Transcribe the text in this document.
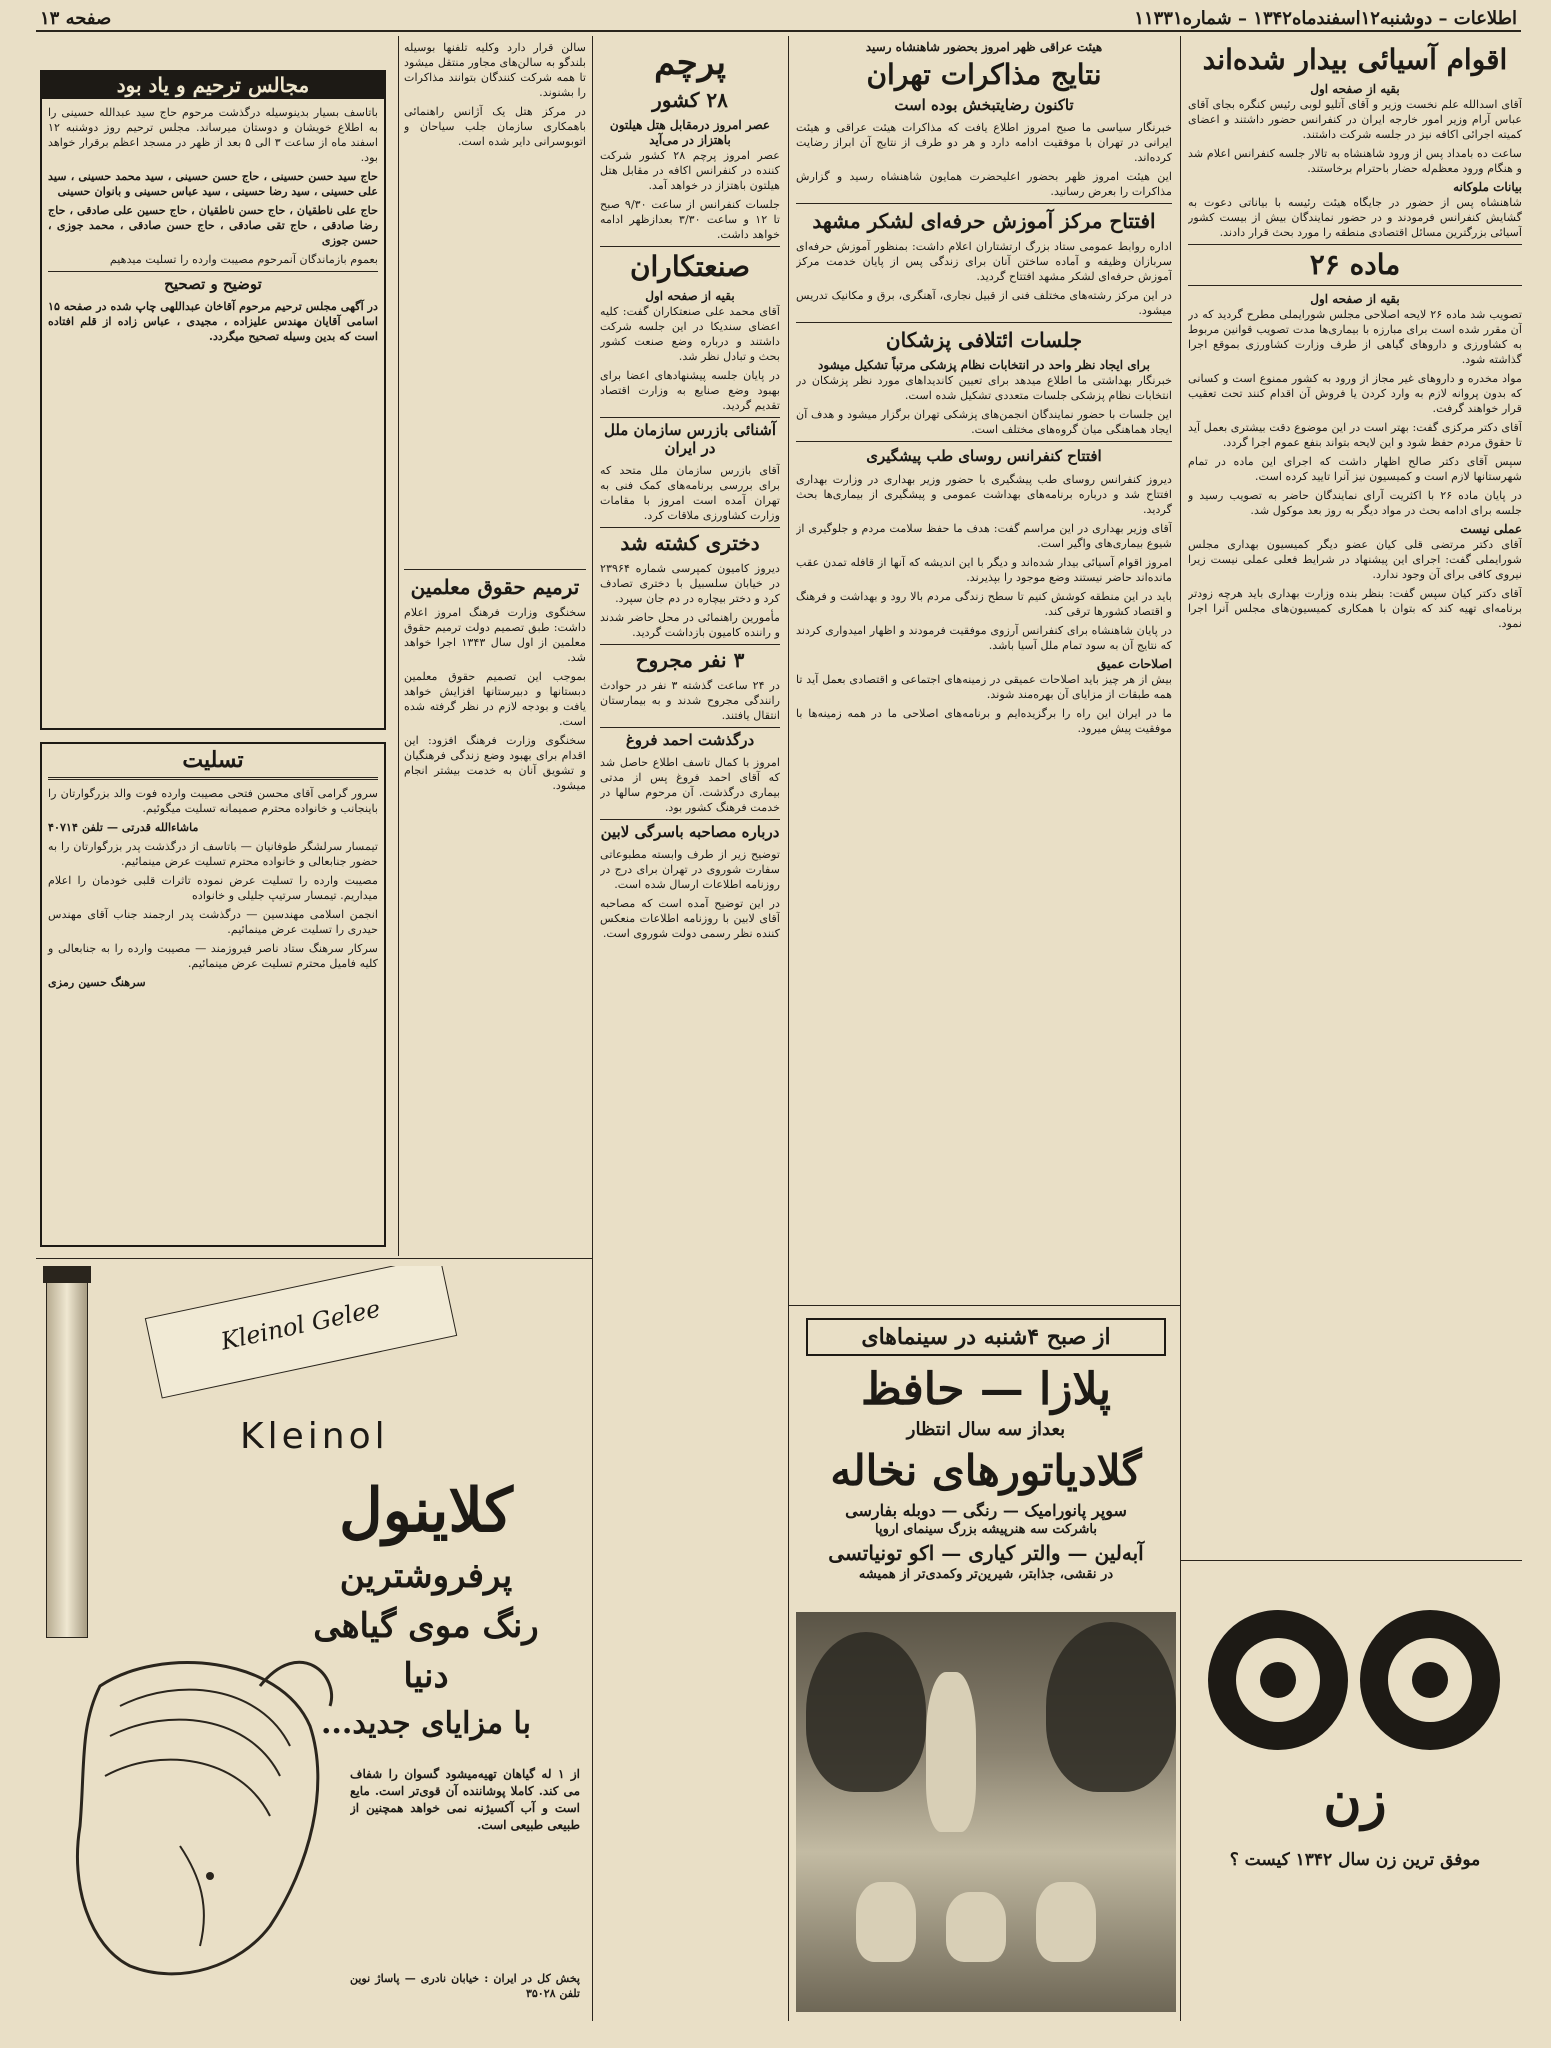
صفحه ۱۳	اطلاعات – دوشنبه۱۲اسفندماه۱۳۴۲ – شماره۱۱۳۳۱
اقوام آسیائی بیدار شده‌اند
بقیه از صفحه اول

آقای اسدالله علم نخست وزیر و آقای آتلیو لوبی رئیس کنگره بجای آقای عباس آرام وزیر امور خارجه ایران در کنفرانس حضور داشتند و اعضای کمیته اجرائی اکافه نیز در جلسه شرکت داشتند.

ساعت ده بامداد پس از ورود شاهنشاه به تالار جلسه کنفرانس اعلام شد و هنگام ورود معظم‌له حضار باحترام برخاستند.

بیانات ملوکانه

شاهنشاه پس از حضور در جایگاه هیئت رئیسه با بیاناتی دعوت به گشایش کنفرانس فرمودند و در حضور نمایندگان بیش از بیست کشور آسیائی بزرگترین مسائل اقتصادی منطقه را مورد بحث قرار دادند.

ماده ۲۶
بقیه از صفحه اول

تصویب شد ماده ۲۶ لایحه اصلاحی مجلس شورایملی مطرح گردید که در آن مقرر شده است برای مبارزه با بیماری‌ها مدت تصویب قوانین مربوط به کشاورزی و داروهای گیاهی از طرف وزارت کشاورزی بموقع اجرا گذاشته شود.

مواد مخدره و داروهای غیر مجاز از ورود به کشور ممنوع است و کسانی که بدون پروانه لازم به وارد کردن یا فروش آن اقدام کنند تحت تعقیب قرار خواهند گرفت.

آقای دکتر مرکزی گفت: بهتر است در این موضوع دقت بیشتری بعمل آید تا حقوق مردم حفظ شود و این لایحه بتواند بنفع عموم اجرا گردد.

سپس آقای دکتر صالح اظهار داشت که اجرای این ماده در تمام شهرستانها لازم است و کمیسیون نیز آنرا تایید کرده است.

در پایان ماده ۲۶ با اکثریت آرای نمایندگان حاضر به تصویب رسید و جلسه برای ادامه بحث در مواد دیگر به روز بعد موکول شد.

عملی نیست

آقای دکتر مرتضی قلی کیان عضو دیگر کمیسیون بهداری مجلس شورایملی گفت: اجرای این پیشنهاد در شرایط فعلی عملی نیست زیرا نیروی کافی برای آن وجود ندارد.

آقای دکتر کیان سپس گفت: بنظر بنده وزارت بهداری باید هرچه زودتر برنامه‌ای تهیه کند که بتوان با همکاری کمیسیون‌های مجلس آنرا اجرا نمود.

زن
موفق ترین زن سال ۱۳۴۲ کیست ؟
هیئت عراقی ظهر امروز بحضور شاهنشاه رسید
نتایج مذاکرات تهران
تاکنون رضایتبخش بوده است

خبرنگار سیاسی ما صبح امروز اطلاع یافت که مذاکرات هیئت عراقی و هیئت ایرانی در تهران با موفقیت ادامه دارد و هر دو طرف از نتایج آن ابراز رضایت کرده‌اند.

این هیئت امروز ظهر بحضور اعلیحضرت همایون شاهنشاه رسید و گزارش مذاکرات را بعرض رسانید.

افتتاح مرکز آموزش حرفه‌ای لشکر مشهد

اداره روابط عمومی ستاد بزرگ ارتشتاران اعلام داشت: بمنظور آموزش حرفه‌ای سربازان وظیفه و آماده ساختن آنان برای زندگی پس از پایان خدمت مرکز آموزش حرفه‌ای لشکر مشهد افتتاح گردید.

در این مرکز رشته‌های مختلف فنی از قبیل نجاری، آهنگری، برق و مکانیک تدریس میشود.

جلسات ائتلافی پزشکان
برای ایجاد نظر واحد در انتخابات نظام پزشکی مرتباً تشکیل میشود

خبرنگار بهداشتی ما اطلاع میدهد برای تعیین کاندیداهای مورد نظر پزشکان در انتخابات نظام پزشکی جلسات متعددی تشکیل شده است.

این جلسات با حضور نمایندگان انجمن‌های پزشکی تهران برگزار میشود و هدف آن ایجاد هماهنگی میان گروه‌های مختلف است.

افتتاح کنفرانس روسای طب پیشگیری

دیروز کنفرانس روسای طب پیشگیری با حضور وزیر بهداری در وزارت بهداری افتتاح شد و درباره برنامه‌های بهداشت عمومی و پیشگیری از بیماری‌ها بحث گردید.

آقای وزیر بهداری در این مراسم گفت: هدف ما حفظ سلامت مردم و جلوگیری از شیوع بیماری‌های واگیر است.

امروز اقوام آسیائی بیدار شده‌اند و دیگر با این اندیشه که آنها از قافله تمدن عقب مانده‌اند حاضر نیستند وضع موجود را بپذیرند.

باید در این منطقه کوشش کنیم تا سطح زندگی مردم بالا رود و بهداشت و فرهنگ و اقتصاد کشورها ترقی کند.

در پایان شاهنشاه برای کنفرانس آرزوی موفقیت فرمودند و اظهار امیدواری کردند که نتایج آن به سود تمام ملل آسیا باشد.

اصلاحات عمیق

بیش از هر چیز باید اصلاحات عمیقی در زمینه‌های اجتماعی و اقتصادی بعمل آید تا همه طبقات از مزایای آن بهره‌مند شوند.

ما در ایران این راه را برگزیده‌ایم و برنامه‌های اصلاحی ما در همه زمینه‌ها با موفقیت پیش میرود.

از صبح ۴شنبه در سینماهای
پلازا — حافظ
بعداز سه سال انتظار
گلادیاتورهای نخاله
سوپر پانورامیک — رنگی — دوبله بفارسی
باشرکت سه هنرپیشه بزرگ سینمای اروپا
آبه‌لین — والتر کیاری — اکو تونیاتسی
در نقشی، جذابتر، شیرین‌تر وکمدی‌تر از همیشه
پرچم
۲۸ کشور
عصر امروز درمقابل هتل هیلتون باهتزاز در می‌آید

عصر امروز پرچم ۲۸ کشور شرکت کننده در کنفرانس اکافه در مقابل هتل هیلتون باهتزاز در خواهد آمد.

جلسات کنفرانس از ساعت ۹/۳۰ صبح تا ۱۲ و ساعت ۳/۳۰ بعدازظهر ادامه خواهد داشت.

صنعتکاران
بقیه از صفحه اول

آقای محمد علی صنعتکاران گفت: کلیه اعضای سندیکا در این جلسه شرکت داشتند و درباره وضع صنعت کشور بحث و تبادل نظر شد.

در پایان جلسه پیشنهادهای اعضا برای بهبود وضع صنایع به وزارت اقتصاد تقدیم گردید.

آشنائی بازرس سازمان ملل در ایران

آقای بازرس سازمان ملل متحد که برای بررسی برنامه‌های کمک فنی به تهران آمده است امروز با مقامات وزارت کشاورزی ملاقات کرد.

دختری کشته شد

دیروز کامیون کمپرسی شماره ۲۳۹۶۴ در خیابان سلسبیل با دختری تصادف کرد و دختر بیچاره در دم جان سپرد.

مأمورین راهنمائی در محل حاضر شدند و راننده کامیون بازداشت گردید.

۳ نفر مجروح

در ۲۴ ساعت گذشته ۳ نفر در حوادث رانندگی مجروح شدند و به بیمارستان انتقال یافتند.

درگذشت احمد فروغ

امروز با کمال تاسف اطلاع حاصل شد که آقای احمد فروغ پس از مدتی بیماری درگذشت. آن مرحوم سالها در خدمت فرهنگ کشور بود.

درباره مصاحبه باسرگی لابین

توضیح زیر از طرف وابسته مطبوعاتی سفارت شوروی در تهران برای درج در روزنامه اطلاعات ارسال شده است.

در این توضیح آمده است که مصاحبه آقای لابین با روزنامه اطلاعات منعکس کننده نظر رسمی دولت شوروی است.

سالن قرار دارد وکلیه تلفنها بوسیله بلندگو به سالن‌های مجاور منتقل میشود تا همه شرکت کنندگان بتوانند مذاکرات را بشنوند.

در مرکز هتل یک آژانس راهنمائی باهمکاری سازمان جلب سیاحان و اتوبوسرانی دایر شده است.

ترمیم حقوق معلمین

سخنگوی وزارت فرهنگ امروز اعلام داشت: طبق تصمیم دولت ترمیم حقوق معلمین از اول سال ۱۳۴۳ اجرا خواهد شد.

بموجب این تصمیم حقوق معلمین دبستانها و دبیرستانها افزایش خواهد یافت و بودجه لازم در نظر گرفته شده است.

سخنگوی وزارت فرهنگ افزود: این اقدام برای بهبود وضع زندگی فرهنگیان و تشویق آنان به خدمت بیشتر انجام میشود.

مجالس ترحیم و یاد بود

باتاسف بسیار بدینوسیله درگذشت مرحوم حاج سید عبدالله حسینی را به اطلاع خویشان و دوستان میرساند. مجلس ترحیم روز دوشنبه ۱۲ اسفند ماه از ساعت ۳ الی ۵ بعد از ظهر در مسجد اعظم برقرار خواهد بود.

حاج سید حسن حسینی ، حاج حسن حسینی ، سید محمد حسینی ، سید علی حسینی ، سید رضا حسینی ، سید عباس حسینی و بانوان حسینی

حاج علی ناطقیان ، حاج حسن ناطقیان ، حاج حسین علی صادقی ، حاج رضا صادقی ، حاج تقی صادقی ، حاج حسن صادقی ، محمد جوزی ، حسن جوزی

بعموم بازماندگان آنمرحوم مصیبت وارده را تسلیت میدهیم

توضیح و تصحیح

در آگهی مجلس ترحیم مرحوم آقاخان عبداللهی چاپ شده در صفحه ۱۵ اسامی آقایان مهندس علیزاده ، مجیدی ، عباس زاده از قلم افتاده است که بدین وسیله تصحیح میگردد.

تسلیت

سرور گرامی آقای محسن فتحی مصیبت وارده فوت والد بزرگوارتان را باینجانب و خانواده محترم صمیمانه تسلیت میگوئیم.

ماشاءالله قدرتی — تلفن ۴۰۷۱۴

تیمسار سرلشگر طوفانیان — باتاسف از درگذشت پدر بزرگوارتان را به حضور جنابعالی و خانواده محترم تسلیت عرض مینمائیم.

مصیبت وارده را تسلیت عرض نموده تاثرات قلبی خودمان را اعلام میداریم. تیمسار سرتیپ جلیلی و خانواده

انجمن اسلامی مهندسین — درگذشت پدر ارجمند جناب آقای مهندس حیدری را تسلیت عرض مینمائیم.

سرکار سرهنگ ستاد ناصر فیروزمند — مصیبت وارده را به جنابعالی و کلیه فامیل محترم تسلیت عرض مینمائیم.

سرهنگ حسین رمزی

Kleinol Gelee
Kleinol
کلاینول
پرفروشترین
رنگ موی گیاهی
دنیا
با مزایای جدید...
از ۱ له گیاهان تهیه‌میشود گسوان را شفاف می کند. کاملا پوشاننده آن قوی‌تر است. مایع است و آب آکسیژنه نمی خواهد همچنین از طبیعی طبیعی است.
پخش کل در ایران : خیابان نادری — پاساژ نوین تلفن ۳۵۰۲۸
